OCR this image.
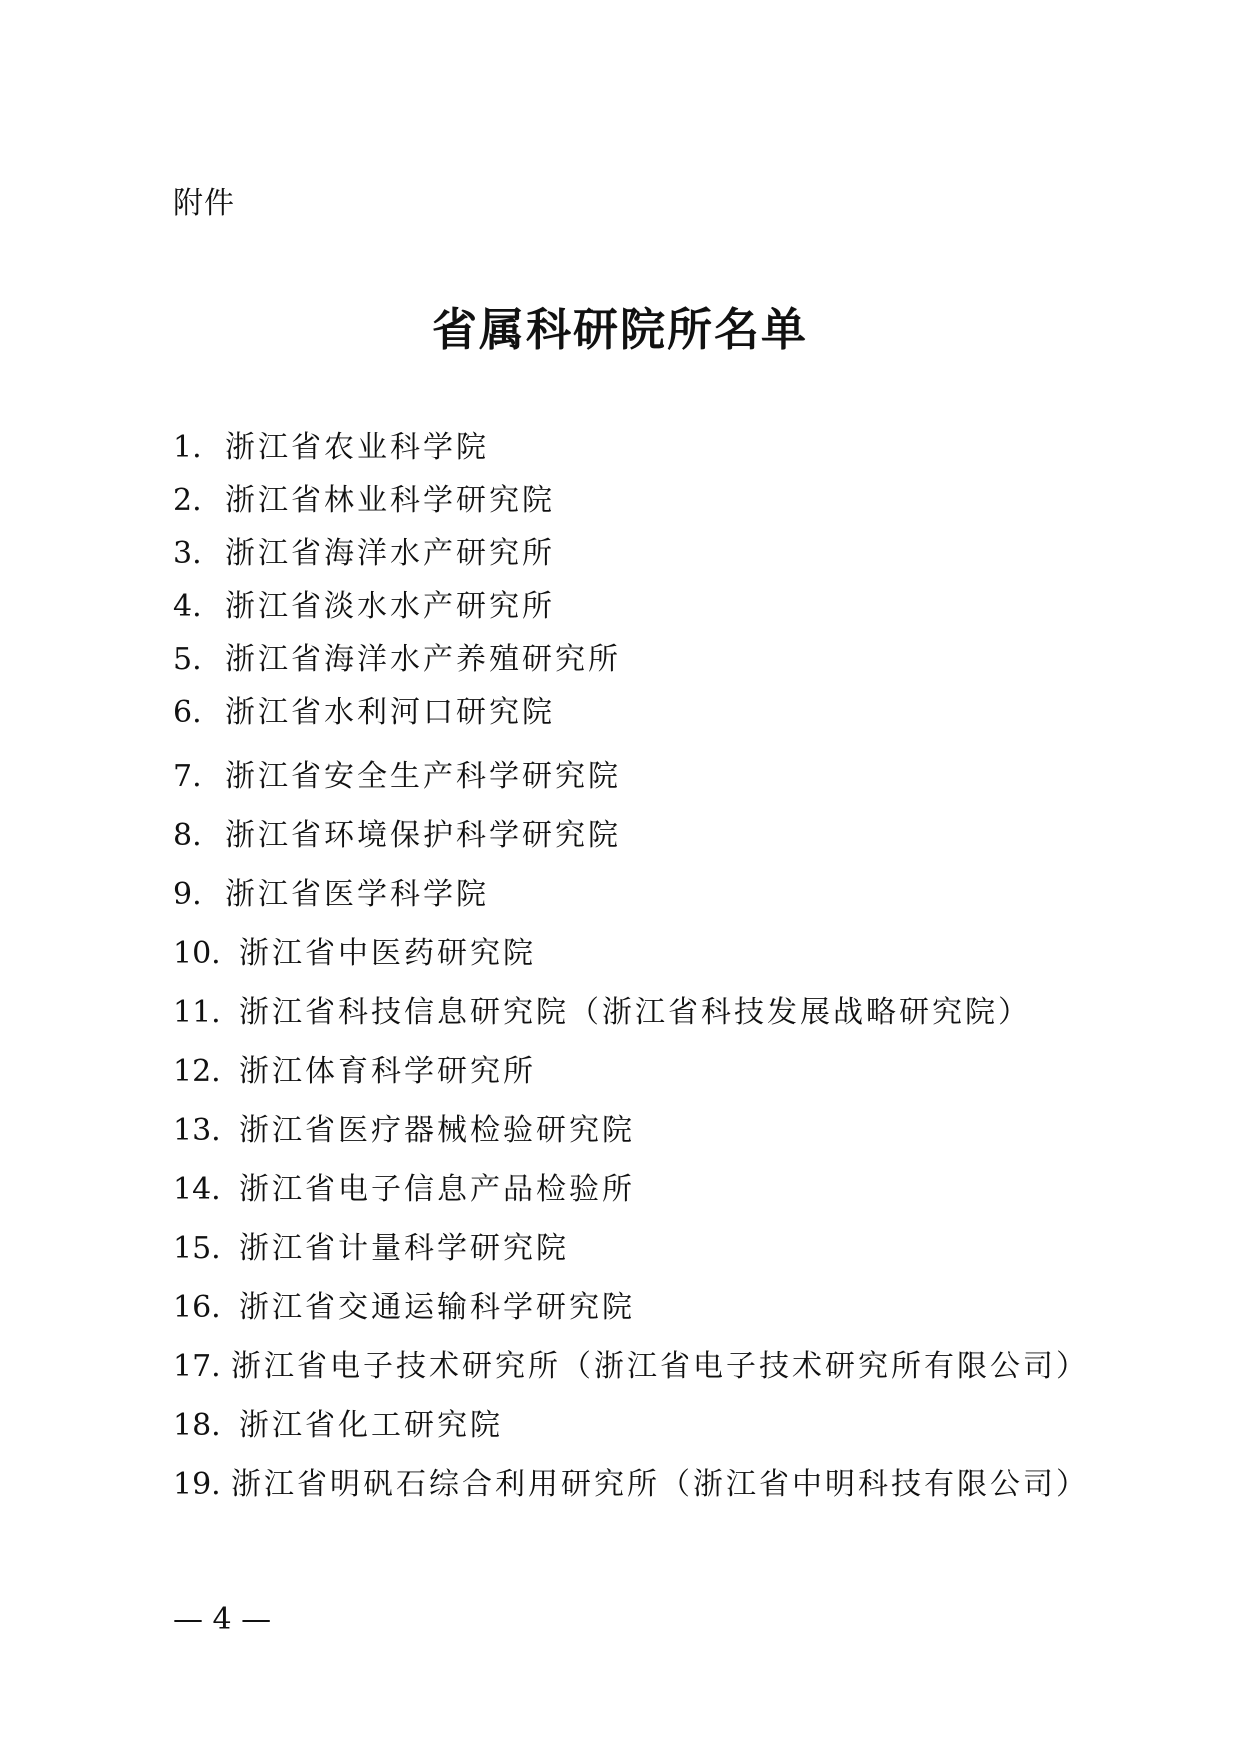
附件
省属科研院所名单
1. 浙江省农业科学院
2. 浙江省林业科学研究院
3. 浙江省海洋水产研究所
4. 浙江省淡水水产研究所
5. 浙江省海洋水产养殖研究所
6. 浙江省水利河口研究院
7. 浙江省安全生产科学研究院
8. 浙江省环境保护科学研究院
9. 浙江省医学科学院
10. 浙江省中医药研究院
11. 浙江省科技信息研究院（浙江省科技发展战略研究院）
12. 浙江体育科学研究所
13. 浙江省医疗器械检验研究院
14. 浙江省电子信息产品检验所
15. 浙江省计量科学研究院
16. 浙江省交通运输科学研究院
17. 浙江省电子技术研究所（浙江省电子技术研究所有限公司）
18. 浙江省化工研究院
19. 浙江省明矾石综合利用研究所（浙江省中明科技有限公司）
— 4 —
